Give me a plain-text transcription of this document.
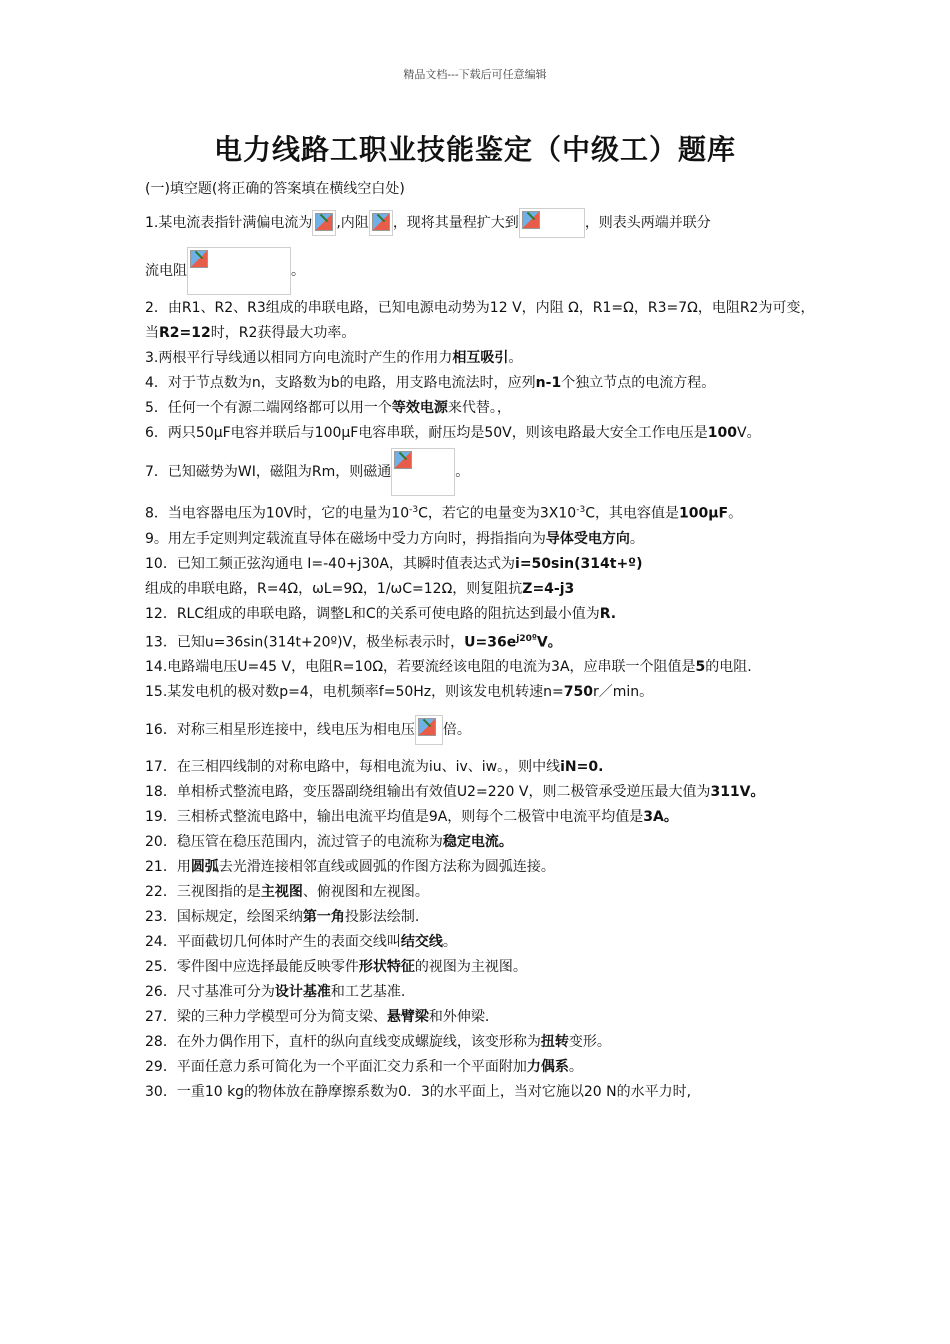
精品文档---下载后可任意编辑
电力线路工职业技能鉴定（中级工）题库
(一)填空题(将正确的答案填在横线空白处)

1.某电流表指针满偏电流为 ,内阻 ，现将其量程扩大到	，则表头两端并联分

流电阻	。

2．由R1、R2、R3组成的串联电路，已知电源电动势为12 V，内阻 Ω，R1=Ω，R3=7Ω，电阻R2为可变，当R2=12时，R2获得最大功率。

3.两根平行导线通以相同方向电流时产生的作用力相互吸引。

4．对于节点数为n，支路数为b的电路，用支路电流法时，应列n-1个独立节点的电流方程。

5．任何一个有源二端网络都可以用一个等效电源来代替。，

6．两只50μF电容并联后与100μF电容串联，耐压均是50V，则该电路最大安全工作电压是100V。

7．已知磁势为WI，磁阻为Rm，则磁通	。

8．当电容器电压为10V时，它的电量为$10^{-3}C$，若它的电量变为$3X10^{-3}C$，其电容值是100μF。

9。用左手定则判定载流直导体在磁场中受力方向时，拇指指向为导体受电方向。

10．已知工频正弦沟通电 I=-40+j30A，其瞬时值表达式为i=50sin(314t+º)

组成的串联电路，R=4Ω，ωL=9Ω，1/ωC=12Ω，则复阻抗Z=4-j3

12．RLC组成的串联电路，调整L和C的关系可使电路的阻抗达到最小值为R.

13．已知u=36sin(314t+20º)V，极坐标表示时，$U=36e^{j20º}V$。

14.电路端电压U=45 V，电阻R=10Ω，若要流经该电阻的电流为3A，应串联一个阻值是5的电阻.

15.某发电机的极对数p=4，电机频率f=50Hz，则该发电机转速n=750r／min。

16．对称三相星形连接中，线电压为相电压 倍。

17．在三相四线制的对称电路中，每相电流为iu、iv、iw。，则中线iN=0.

18．单相桥式整流电路，变压器副绕组输出有效值U2=220 V，则二极管承受逆压最大值为311V。

19．三相桥式整流电路中，输出电流平均值是9A，则每个二极管中电流平均值是3A。

20．稳压管在稳压范围内，流过管子的电流称为稳定电流。

21．用圆弧去光滑连接相邻直线或圆弧的作图方法称为圆弧连接。

22．三视图指的是主视图、俯视图和左视图。

23．国标规定，绘图采纳第一角投影法绘制.

24．平面截切几何体时产生的表面交线叫结交线。

25．零件图中应选择最能反映零件形状特征的视图为主视图。

26．尺寸基准可分为设计基准和工艺基准.

27．梁的三种力学模型可分为简支梁、悬臂梁和外伸梁.

28．在外力偶作用下，直杆的纵向直线变成螺旋线，该变形称为扭转变形。

29．平面任意力系可简化为一个平面汇交力系和一个平面附加力偶系。

30．一重10 kg的物体放在静摩擦系数为0．3的水平面上，当对它施以20 N的水平力时,
